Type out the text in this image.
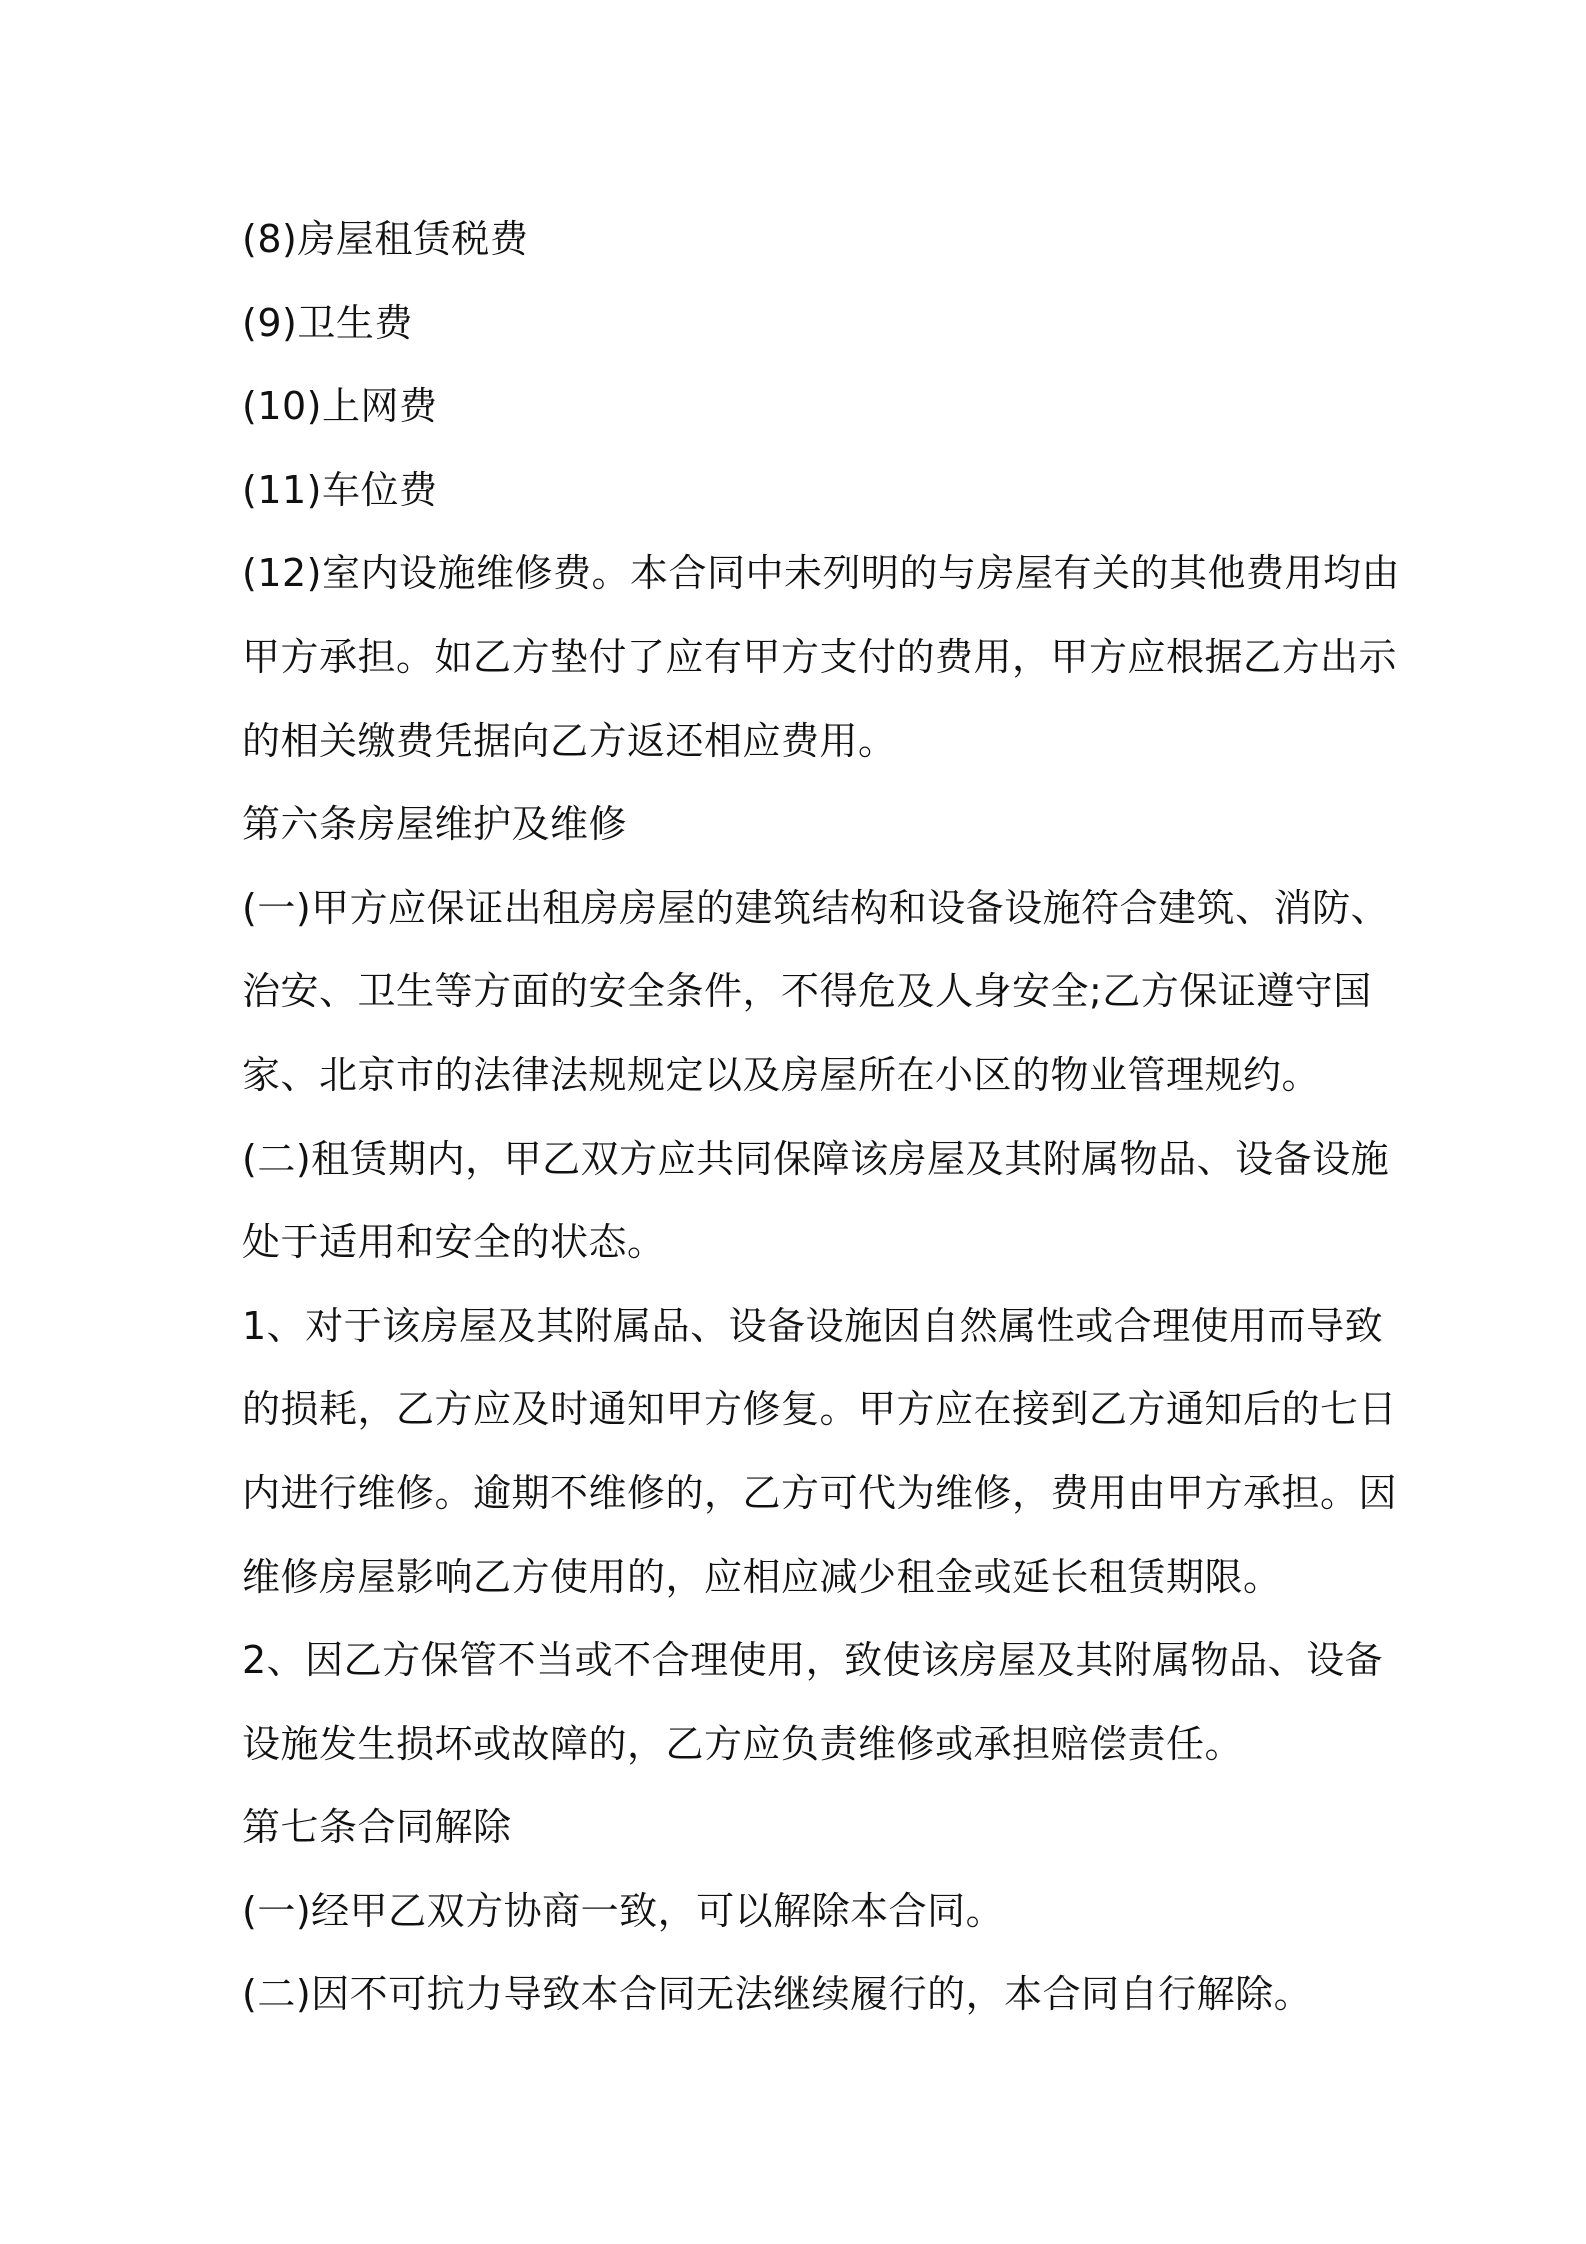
(8)房屋租赁税费
(9)卫生费
(10)上网费
(11)车位费
(12)室内设施维修费。本合同中未列明的与房屋有关的其他费用均由
甲方承担。如乙方垫付了应有甲方支付的费用，甲方应根据乙方出示
的相关缴费凭据向乙方返还相应费用。
第六条房屋维护及维修
(一)甲方应保证出租房房屋的建筑结构和设备设施符合建筑、消防、
治安、卫生等方面的安全条件，不得危及人身安全;乙方保证遵守国
家、北京市的法律法规规定以及房屋所在小区的物业管理规约。
(二)租赁期内，甲乙双方应共同保障该房屋及其附属物品、设备设施
处于适用和安全的状态。
1、对于该房屋及其附属品、设备设施因自然属性或合理使用而导致
的损耗，乙方应及时通知甲方修复。甲方应在接到乙方通知后的七日
内进行维修。逾期不维修的，乙方可代为维修，费用由甲方承担。因
维修房屋影响乙方使用的，应相应减少租金或延长租赁期限。
2、因乙方保管不当或不合理使用，致使该房屋及其附属物品、设备
设施发生损坏或故障的，乙方应负责维修或承担赔偿责任。
第七条合同解除
(一)经甲乙双方协商一致，可以解除本合同。
(二)因不可抗力导致本合同无法继续履行的，本合同自行解除。
